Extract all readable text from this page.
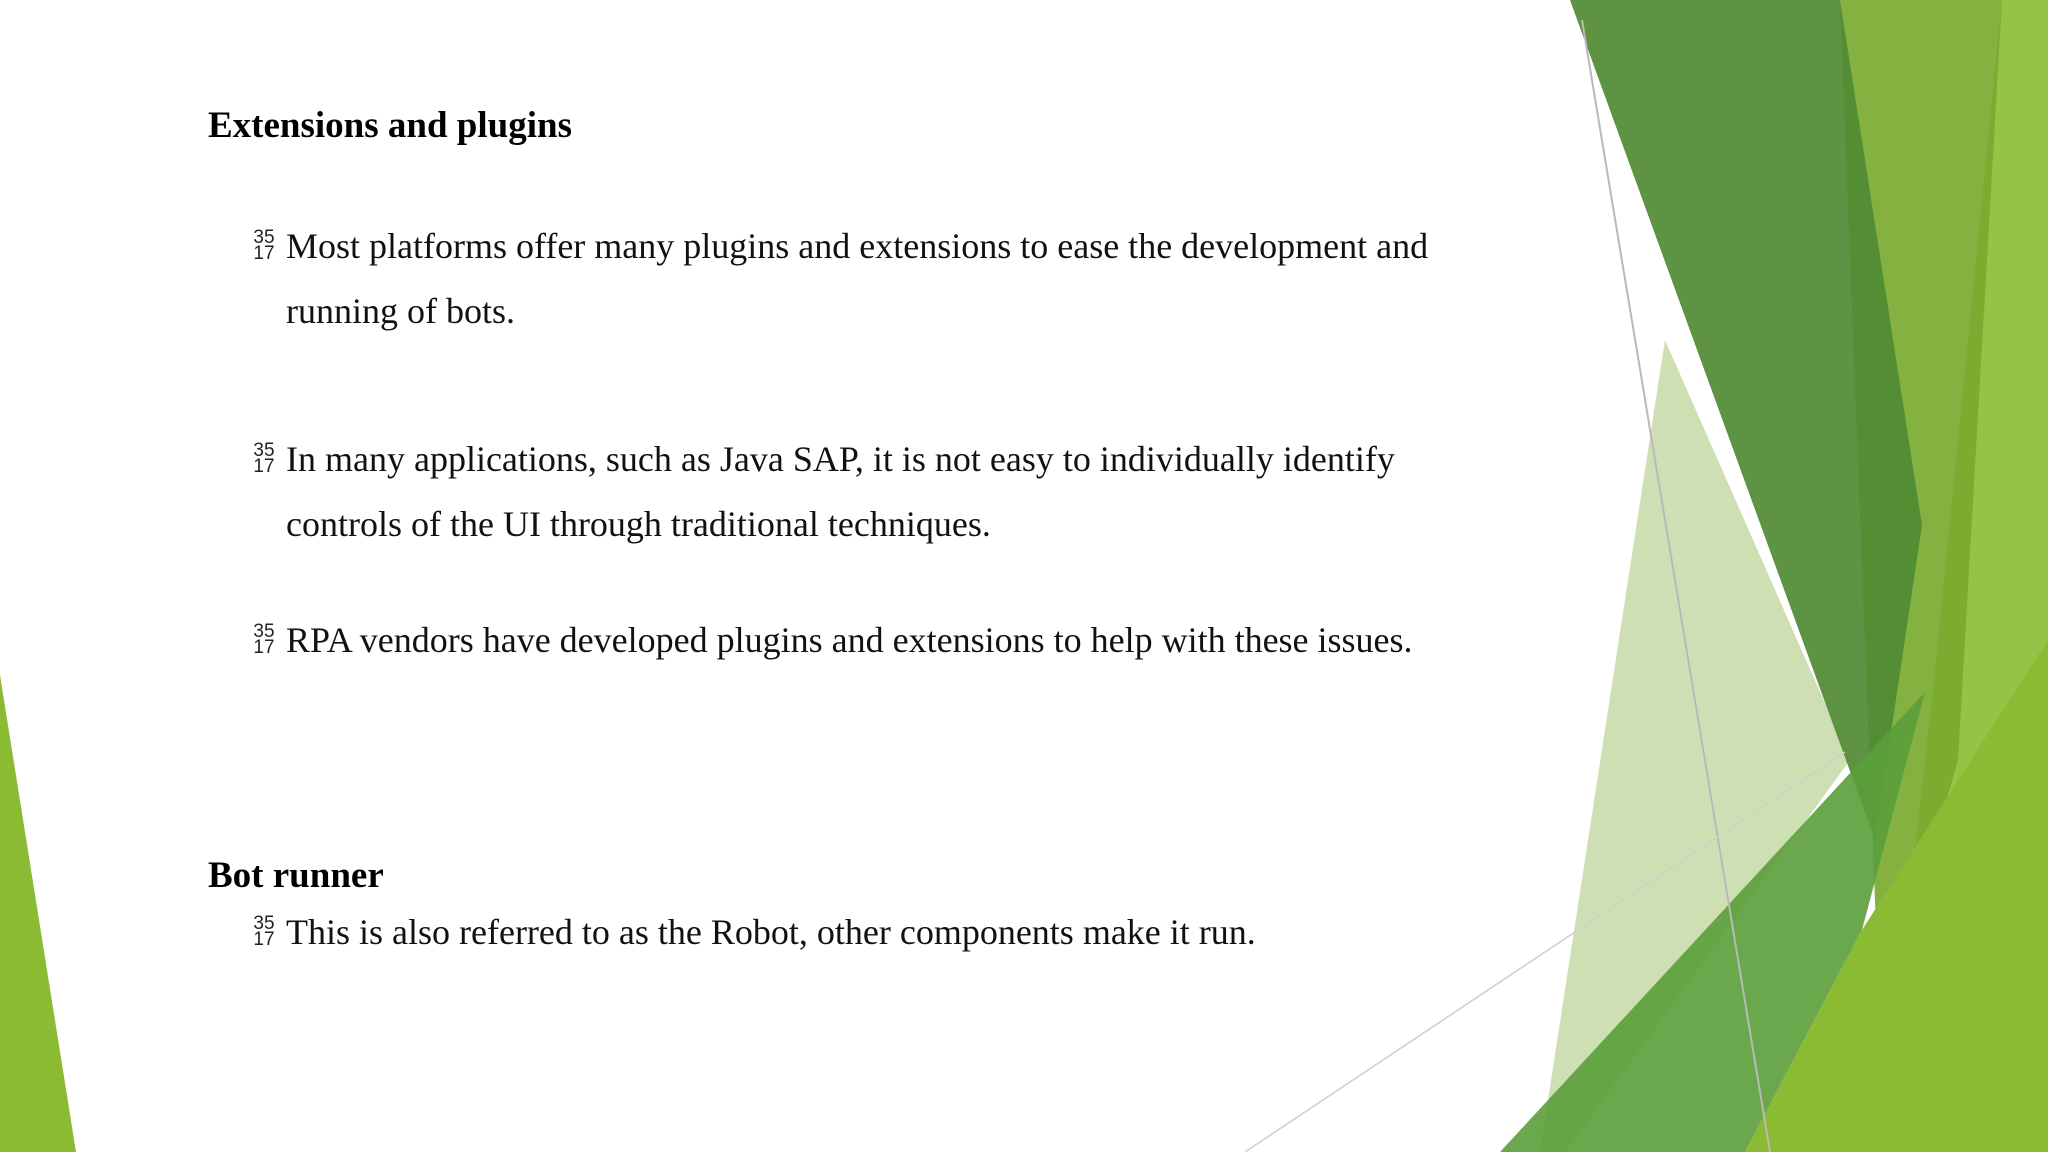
Extensions and plugins
35
17 Most platforms offer many plugins and extensions to ease the development and running of bots.

35
17 In many applications, such as Java SAP, it is not easy to individually identify controls of the UI through traditional techniques.

35
17 RPA vendors have developed plugins and extensions to help with these issues.

Bot runner
35
17 This is also referred to as the Robot, other components make it run.
